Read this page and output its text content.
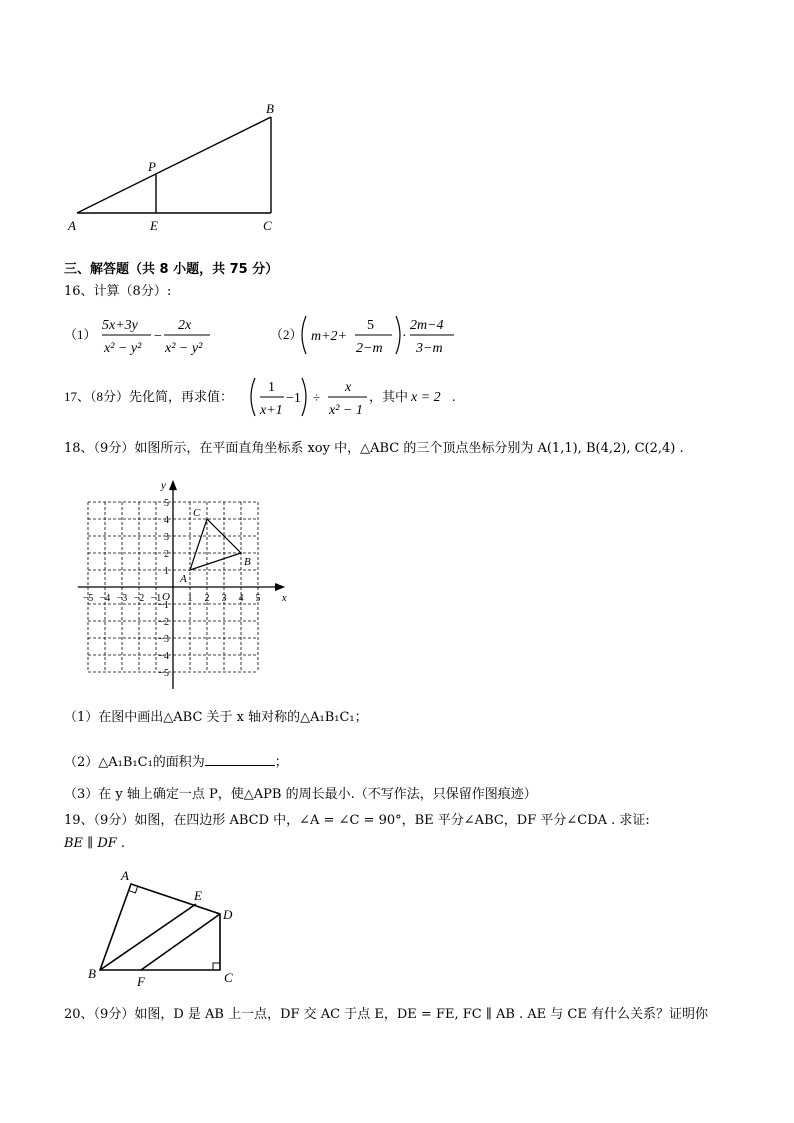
B
P
A	E	C
三、解答题（共 8 小题，共 75 分）
16、计算（8分）:
（1）
5x+3y
x² − y²
−
2x
x² − y²
（2） m+2+
5
2−m
·
2m−4
3−m
17、（8分）先化简，再求值：
1
x+1
−1 ÷
x
x² − 1
，其中 x = 2 .
18、（9分）如图所示，在平面直角坐标系 xoy 中，△ABC 的三个顶点坐标分别为 A(1,1), B(4,2), C(2,4) .
x
y
O
−5 −4 −3 −2 −1	1 2 3 4 5
5
4
3
2
1
−1
−2
−3
−4
−5
A
B
C
（1）在图中画出△ABC 关于 x 轴对称的△A₁B₁C₁；
（2）△A₁B₁C₁的面积为	；
（3）在 y 轴上确定一点 P，使△APB 的周长最小.（不写作法，只保留作图痕迹）
19、（9分）如图，在四边形 ABCD 中，∠A = ∠C = 90°，BE 平分∠ABC，DF 平分∠CDA . 求证:
BE ∥ DF .
A
E
D
B
F	C
20、（9分）如图，D 是 AB 上一点，DF 交 AC 于点 E，DE = FE, FC ∥ AB . AE 与 CE 有什么关系？证明你
